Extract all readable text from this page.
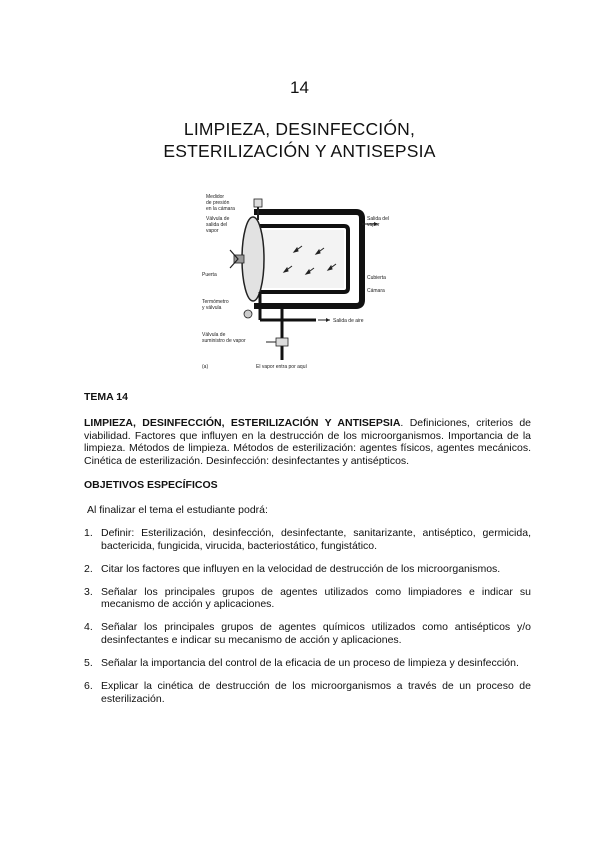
14
LIMPIEZA, DESINFECCIÓN,
ESTERILIZACIÓN Y ANTISEPSIA
Medidor
de presión
en la cámara
Válvula de
salida del
vapor
Puerta
Termómetro
y válvula
Válvula de
suministro de vapor
Salida del
vapor
Cubierta
Cámara
Salida de aire
El vapor entra por aquí
(a)
TEMA 14
LIMPIEZA, DESINFECCIÓN, ESTERILIZACIÓN Y ANTISEPSIA. Definiciones, criterios de viabilidad. Factores que influyen en la destrucción de los microorganismos. Importancia de la limpieza. Métodos de limpieza. Métodos de esterilización: agentes físicos, agentes mecánicos. Cinética de esterilización. Desinfección: desinfectantes y antisépticos.
OBJETIVOS ESPECÍFICOS
Al finalizar el tema el estudiante podrá:
1. Definir: Esterilización, desinfección, desinfectante, sanitarizante, antiséptico, germicida, bactericida, fungicida, virucida, bacteriostático, fungistático.
2. Citar los factores que influyen en la velocidad de destrucción de los microorganismos.
3. Señalar los principales grupos de agentes utilizados como limpiadores e indicar su mecanismo de acción y aplicaciones.
4. Señalar los principales grupos de agentes químicos utilizados como antisépticos y/o desinfectantes e indicar su mecanismo de acción y aplicaciones.
5. Señalar la importancia del control de la eficacia de un proceso de limpieza y desinfección.
6. Explicar la cinética de destrucción de los microorganismos a través de un proceso de esterilización.
